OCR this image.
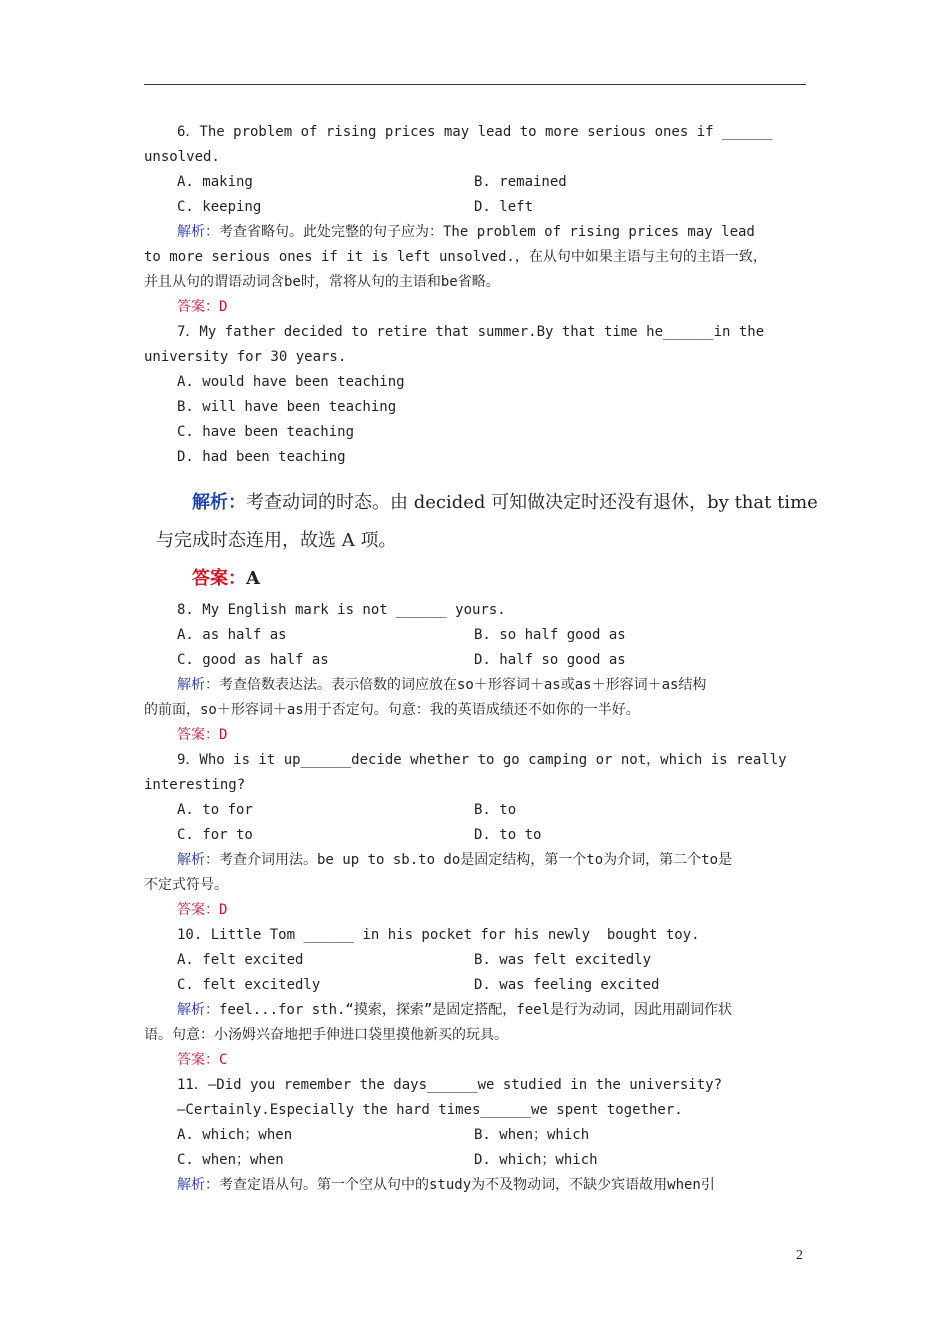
6．The problem of rising prices may lead to more serious ones if ______
unsolved.
A. making	B. remained
C. keeping	D. left
解析：考查省略句。此处完整的句子应为：The problem of rising prices may lead
to more serious ones if it is left unsolved.，在从句中如果主语与主句的主语一致，
并且从句的谓语动词含be时，常将从句的主语和be省略。
答案：D
7．My father decided to retire that summer.By that time he______in the
university for 30 years.
A. would have been teaching
B. will have been teaching
C. have been teaching
D. had been teaching
解析：考查动词的时态。由 decided 可知做决定时还没有退休，by that time
与完成时态连用，故选 A 项。
答案：A
8. My English mark is not ______ yours.
A. as half as	B. so half good as
C. good as half as	D. half so good as
解析：考查倍数表达法。表示倍数的词应放在so＋形容词＋as或as＋形容词＋as结构
的前面，so＋形容词＋as用于否定句。句意：我的英语成绩还不如你的一半好。
答案：D
9．Who is it up______decide whether to go camping or not，which is really
interesting?
A. to for	B. to
C. for to	D. to to
解析：考查介词用法。be up to sb.to do是固定结构，第一个to为介词，第二个to是
不定式符号。
答案：D
10. Little Tom ______ in his pocket for his newly  bought toy.
A. felt excited	B. was felt excitedly
C. felt excitedly	D. was feeling excited
解析：feel...for sth.“摸索，探索”是固定搭配，feel是行为动词，因此用副词作状
语。句意：小汤姆兴奋地把手伸进口袋里摸他新买的玩具。
答案：C
11．—Did you remember the days______we studied in the university?
—Certainly.Especially the hard times______we spent together.
A. which；when	B. when；which
C. when；when	D. which；which
解析：考查定语从句。第一个空从句中的study为不及物动词，不缺少宾语故用when引
2
